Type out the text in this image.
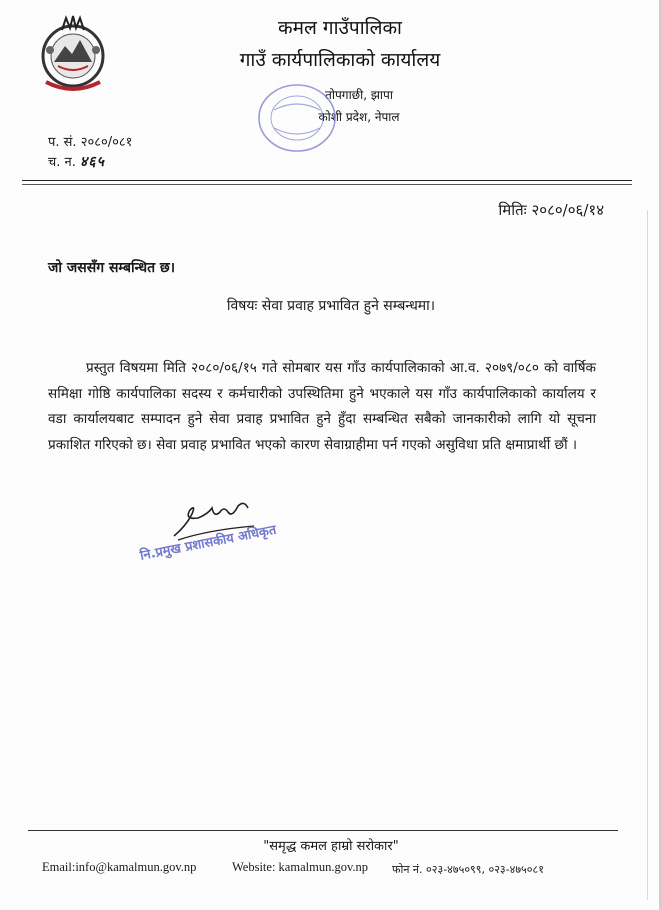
कमल गाउँपालिका
गाउँ कार्यपालिकाको कार्यालय
तोपगाछी, झापा
कोशी प्रदेश, नेपाल
प. सं. २०८०/०८१
च. न. ४६५
मितिः २०८०/०६/१४
जो जससँग सम्बन्धित छ।
विषयः सेवा प्रवाह प्रभावित हुने सम्बन्धमा।
प्रस्तुत विषयमा मिति २०८०/०६/१५ गते सोमबार यस गाँउ कार्यपालिकाको आ.व. २०७९/०८० को वार्षिक समिक्षा गोष्ठि कार्यपालिका सदस्य र कर्मचारीको उपस्थितिमा हुने भएकाले यस गाँउ कार्यपालिकाको कार्यालय र वडा कार्यालयबाट सम्पादन हुने सेवा प्रवाह प्रभावित हुने हुँदा सम्बन्धित सबैको जानकारीको लागि यो सूचना प्रकाशित गरिएको छ। सेवा प्रवाह प्रभावित भएको कारण सेवाग्राहीमा पर्न गएको असुविधा प्रति क्षमाप्रार्थी छौं ।
नि.प्रमुख प्रशासकीय अधिकृत
"समृद्ध कमल हाम्रो सरोकार"
Email:info@kamalmun.gov.np	Website: kamalmun.gov.np फोन नं. ०२३-४७५०९९, ०२३-४७५०८१
